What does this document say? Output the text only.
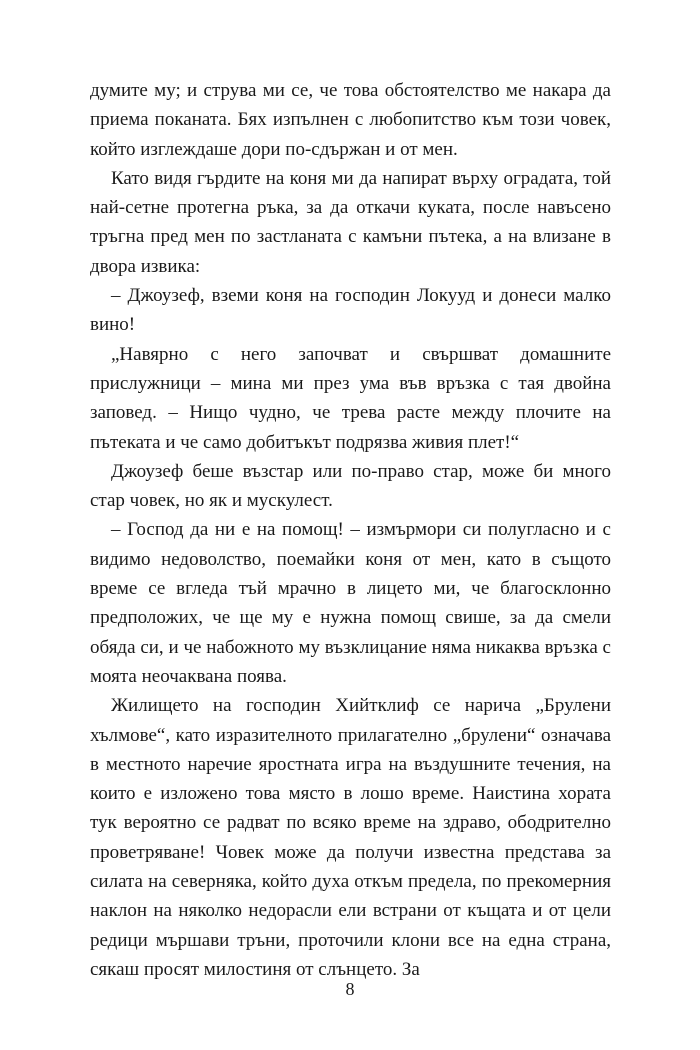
думите му; и струва ми се, че това обстоятелство ме накара да приема поканата. Бях изпълнен с любопитство към този човек, който изглеждаше дори по-сдържан и от мен.

Като видя гърдите на коня ми да напират върху оградата, той най-сетне протегна ръка, за да откачи куката, после навъсено тръгна пред мен по застланата с камъни пътека, а на влизане в двора извика:

– Джоузеф, вземи коня на господин Локууд и донеси малко вино!

„Навярно с него започват и свършват домашните прислужници – мина ми през ума във връзка с тая двойна заповед. – Нищо чудно, че трева расте между плочите на пътеката и че само добитъкът подрязва живия плет!“

Джоузеф беше възстар или по-право стар, може би много стар човек, но як и мускулест.

– Господ да ни е на помощ! – измърмори си полугласно и с видимо недоволство, поемайки коня от мен, като в същото време се вгледа тъй мрачно в лицето ми, че благосклонно предположих, че ще му е нужна помощ свише, за да смели обяда си, и че набожното му възклицание няма никаква връзка с моята неочаквана поява.

Жилището на господин Хийтклиф се нарича „Брулени хълмове“, като изразителното прилагателно „брулени“ означава в местното наречие яростната игра на въздушните течения, на които е изложено това място в лошо време. Наистина хората тук вероятно се радват по всяко време на здраво, ободрително проветряване! Човек може да получи известна представа за силата на северняка, който духа откъм предела, по прекомерния наклон на няколко недорасли ели встрани от къщата и от цели редици мършави тръни, проточили клони все на една страна, сякаш просят милостиня от слънцето. За

8
